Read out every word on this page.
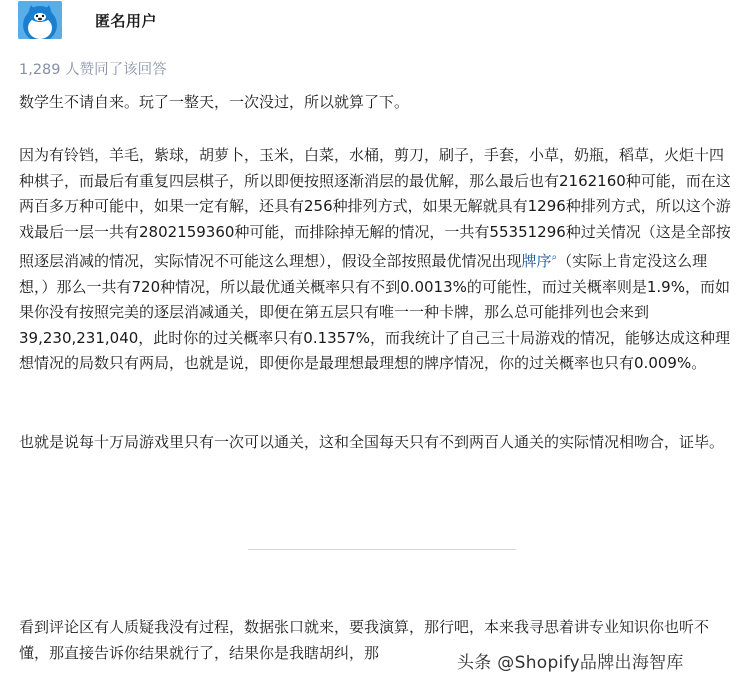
匿名用户
1,289 人赞同了该回答

数学生不请自来。玩了一整天，一次没过，所以就算了下。

因为有铃铛，羊毛，紫球，胡萝卜，玉米，白菜，水桶，剪刀，刷子，手套，小草，奶瓶，稻草，火炬十四种棋子，而最后有重复四层棋子，所以即便按照逐渐消层的最优解，那么最后也有2162160种可能，而在这两百多万种可能中，如果一定有解，还具有256种排列方式，如果无解就具有1296种排列方式，所以这个游戏最后一层一共有2802159360种可能，而排除掉无解的情况，一共有55351296种过关情况（这是全部按照逐层消减的情况，实际情况不可能这么理想），假设全部按照最优情况出现牌序⌕（实际上肯定没这么理想，）那么一共有720种情况，所以最优通关概率只有不到0.0013%的可能性，而过关概率则是1.9%，而如果你没有按照完美的逐层消减通关，即便在第五层只有唯一一种卡牌，那么总可能排列也会来到39,230,231,040，此时你的过关概率只有0.1357%，而我统计了自己三十局游戏的情况，能够达成这种理想情况的局数只有两局，也就是说，即便你是最理想最理想的牌序情况，你的过关概率也只有0.009%。

也就是说每十万局游戏里只有一次可以通关，这和全国每天只有不到两百人通关的实际情况相吻合，证毕。

看到评论区有人质疑我没有过程，数据张口就来，要我演算，那行吧，本来我寻思着讲专业知识你也听不懂，那直接告诉你结果就行了，结果你是我瞎胡纠，那

头条 @Shopify品牌出海智库
